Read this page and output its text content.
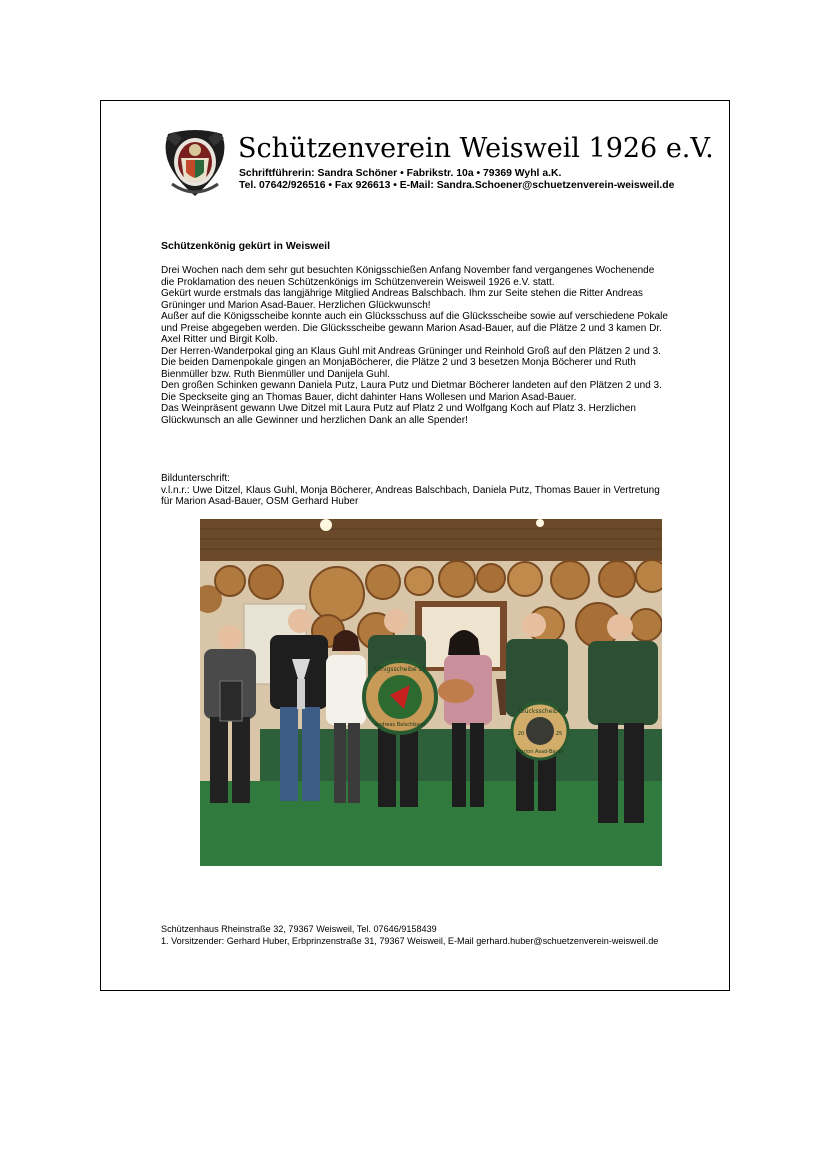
Schützenverein Weisweil 1926 e.V.
Schriftführerin: Sandra Schöner • Fabrikstr. 10a • 79369 Wyhl a.K.
Tel. 07642/926516 • Fax 926613 • E-Mail: Sandra.Schoener@schuetzenverein-weisweil.de
Schützenkönig gekürt in Weisweil

Drei Wochen nach dem sehr gut besuchten Königsschießen Anfang November fand vergangenes Wochenende

die Proklamation des neuen Schützenkönigs im Schützenverein Weisweil 1926 e.V. statt.

Gekürt wurde erstmals das langjährige Mitglied Andreas Balschbach. Ihm zur Seite stehen die Ritter Andreas

Grüninger und Marion Asad-Bauer. Herzlichen Glückwunsch!

Außer auf die Königsscheibe konnte auch ein Glücksschuss auf die Glücksscheibe sowie auf verschiedene Pokale

und Preise abgegeben werden. Die Glücksscheibe gewann Marion Asad-Bauer, auf die Plätze 2 und 3 kamen Dr.

Axel Ritter und Birgit Kolb.

Der Herren-Wanderpokal ging an Klaus Guhl mit Andreas Grüninger und Reinhold Groß auf den Plätzen 2 und 3.

Die beiden Damenpokale gingen an MonjaBöcherer, die Plätze 2 und 3 besetzen Monja Böcherer und Ruth

Bienmüller bzw. Ruth Bienmüller und Danijela Guhl.

Den großen Schinken gewann Daniela Putz, Laura Putz und Dietmar Böcherer landeten auf den Plätzen 2 und 3.

Die Speckseite ging an Thomas Bauer, dicht dahinter Hans Wollesen und Marion Asad-Bauer.

Das Weinpräsent gewann Uwe Ditzel mit Laura Putz auf Platz 2 und Wolfgang Koch auf Platz 3. Herzlichen

Glückwunsch an alle Gewinner und herzlichen Dank an alle Spender!

Bildunterschrift:

v.l.n.r.: Uwe Ditzel, Klaus Guhl, Monja Böcherer, Andreas Balschbach, Daniela Putz, Thomas Bauer in Vertretung

für Marion Asad-Bauer, OSM Gerhard Huber

Königsscheibe 25
Andreas Balschbach
Glücksscheibe
20	25
Marion Asad-Bauer

Schützenhaus Rheinstraße 32, 79367 Weisweil, Tel. 07646/9158439

1. Vorsitzender: Gerhard Huber, Erbprinzenstraße 31, 79367 Weisweil, E-Mail gerhard.huber@schuetzenverein-weisweil.de
